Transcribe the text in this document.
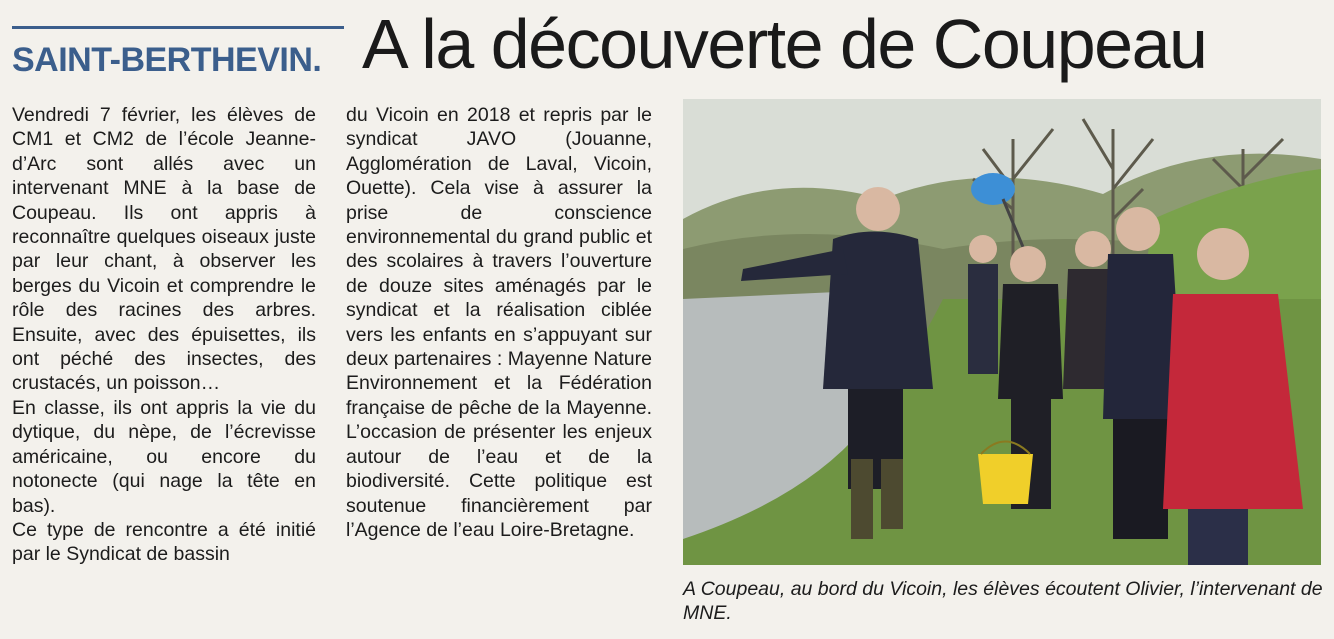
SAINT-BERTHEVIN. A la découverte de Coupeau

Vendredi 7 février, les élèves de CM1 et CM2 de l’école Jeanne-d’Arc sont allés avec un intervenant MNE à la base de Coupeau. Ils ont appris à reconnaître quelques oiseaux juste par leur chant, à observer les berges du Vicoin et comprendre le rôle des racines des arbres. Ensuite, avec des épuisettes, ils ont péché des insectes, des crustacés, un poisson…

En classe, ils ont appris la vie du dytique, du nèpe, de l’écrevisse américaine, ou encore du notonecte (qui nage la tête en bas).

Ce type de rencontre a été initié par le Syndicat de bassin

du Vicoin en 2018 et repris par le syndicat JAVO (Jouanne, Agglomération de Laval, Vicoin, Ouette). Cela vise à assurer la prise de conscience environnemental du grand public et des scolaires à travers l’ouverture de douze sites aménagés par le syndicat et la réalisation ciblée vers les enfants en s’appuyant sur deux partenaires : Mayenne Nature Environnement et la Fédération française de pêche de la Mayenne. L’occasion de présenter les enjeux autour de l’eau et de la biodiversité. Cette politique est soutenue financièrement par l’Agence de l’eau Loire-Bretagne.

A Coupeau, au bord du Vicoin, les élèves écoutent Olivier, l’intervenant de MNE.
